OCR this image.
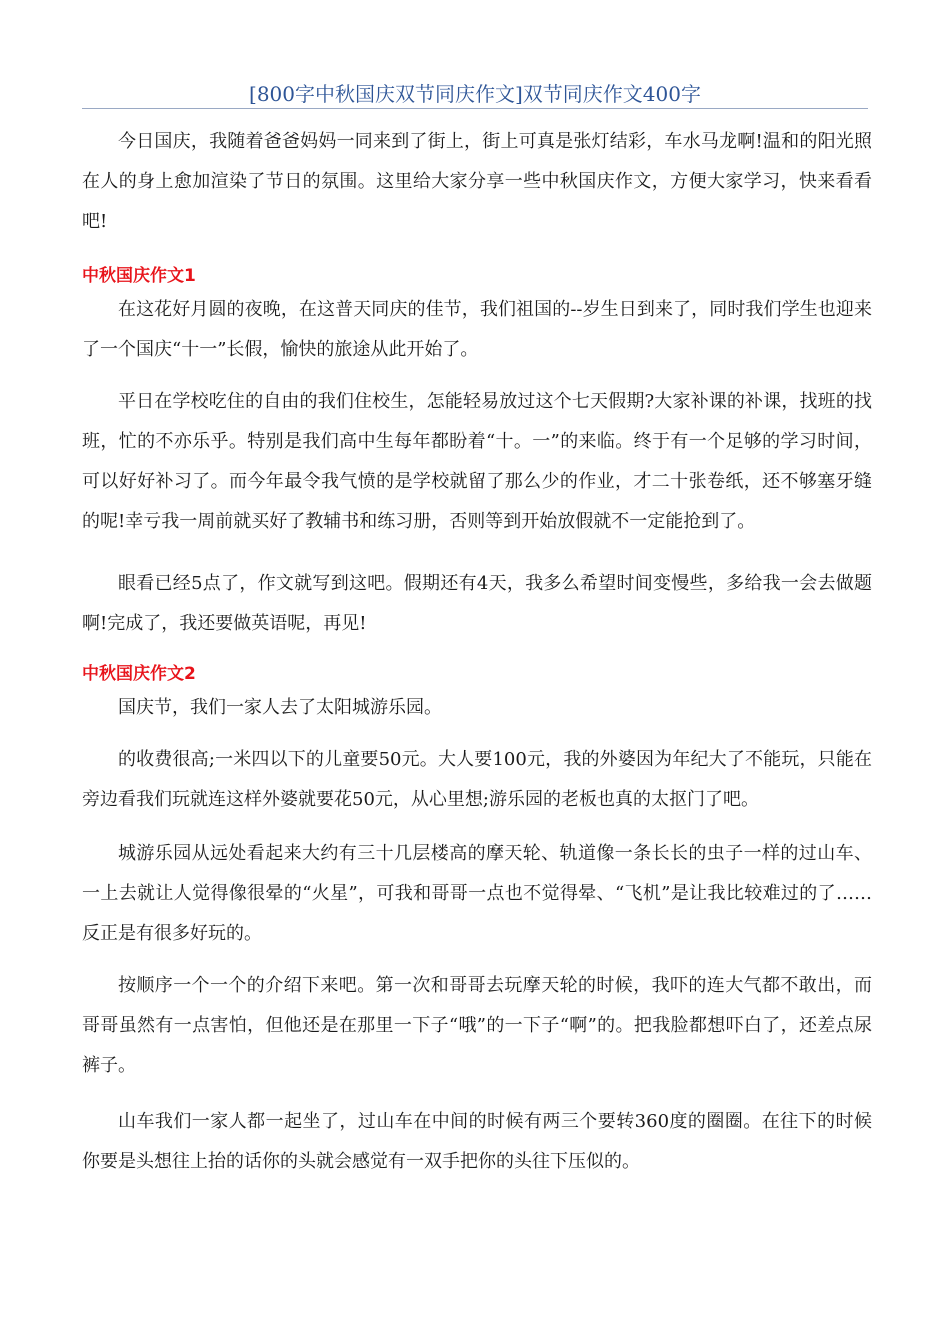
[800字中秋国庆双节同庆作文]双节同庆作文400字

今日国庆，我随着爸爸妈妈一同来到了街上，街上可真是张灯结彩，车水马龙啊!温和的阳光照在人的身上愈加渲染了节日的氛围。这里给大家分享一些中秋国庆作文，方便大家学习，快来看看吧!

中秋国庆作文1

在这花好月圆的夜晚，在这普天同庆的佳节，我们祖国的--岁生日到来了，同时我们学生也迎来了一个国庆“十一”长假，愉快的旅途从此开始了。

平日在学校吃住的自由的我们住校生，怎能轻易放过这个七天假期?大家补课的补课，找班的找班，忙的不亦乐乎。特别是我们高中生每年都盼着“十。一”的来临。终于有一个足够的学习时间，可以好好补习了。而今年最令我气愤的是学校就留了那么少的作业，才二十张卷纸，还不够塞牙缝的呢!幸亏我一周前就买好了教辅书和练习册，否则等到开始放假就不一定能抢到了。

眼看已经5点了，作文就写到这吧。假期还有4天，我多么希望时间变慢些，多给我一会去做题啊!完成了，我还要做英语呢，再见!

中秋国庆作文2

国庆节，我们一家人去了太阳城游乐园。

的收费很高;一米四以下的儿童要50元。大人要100元，我的外婆因为年纪大了不能玩，只能在旁边看我们玩就连这样外婆就要花50元，从心里想;游乐园的老板也真的太抠门了吧。

城游乐园从远处看起来大约有三十几层楼高的摩天轮、轨道像一条长长的虫子一样的过山车、一上去就让人觉得像很晕的“火星”，可我和哥哥一点也不觉得晕、“飞机”是让我比较难过的了……反正是有很多好玩的。

按顺序一个一个的介绍下来吧。第一次和哥哥去玩摩天轮的时候，我吓的连大气都不敢出，而哥哥虽然有一点害怕，但他还是在那里一下子“哦”的一下子“啊”的。把我脸都想吓白了，还差点尿裤子。

山车我们一家人都一起坐了，过山车在中间的时候有两三个要转360度的圈圈。在往下的时候你要是头想往上抬的话你的头就会感觉有一双手把你的头往下压似的。
